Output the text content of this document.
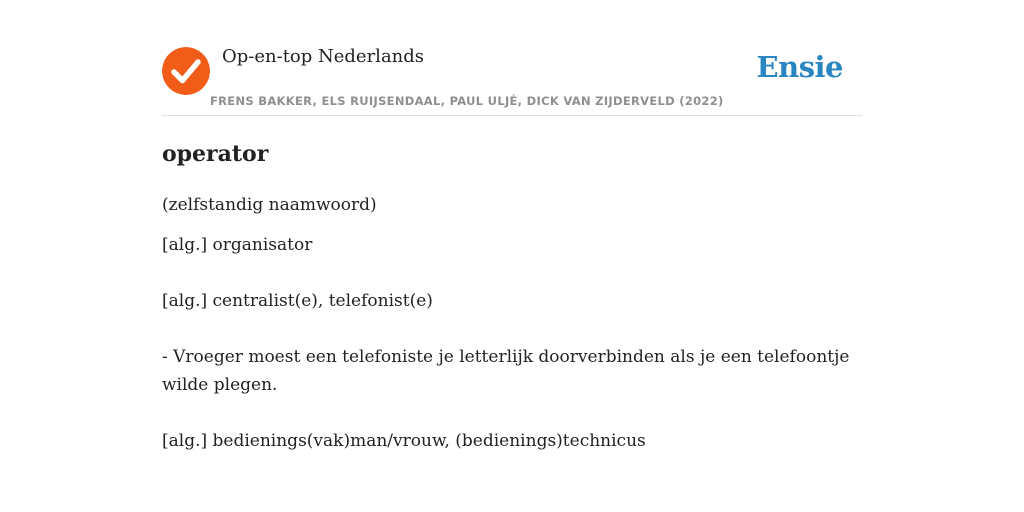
Op-en-top Nederlands
FRENS BAKKER, ELS RUIJSENDAAL, PAUL ULJÉ, DICK VAN ZIJDERVELD (2022)
Ensie
operator
(zelfstandig naamwoord)
[alg.] organisator
[alg.] centralist(e), telefonist(e)
- Vroeger moest een telefoniste je letterlijk doorverbinden als je een telefoontje wilde plegen.
[alg.] bedienings(vak)man/vrouw, (bedienings)technicus
